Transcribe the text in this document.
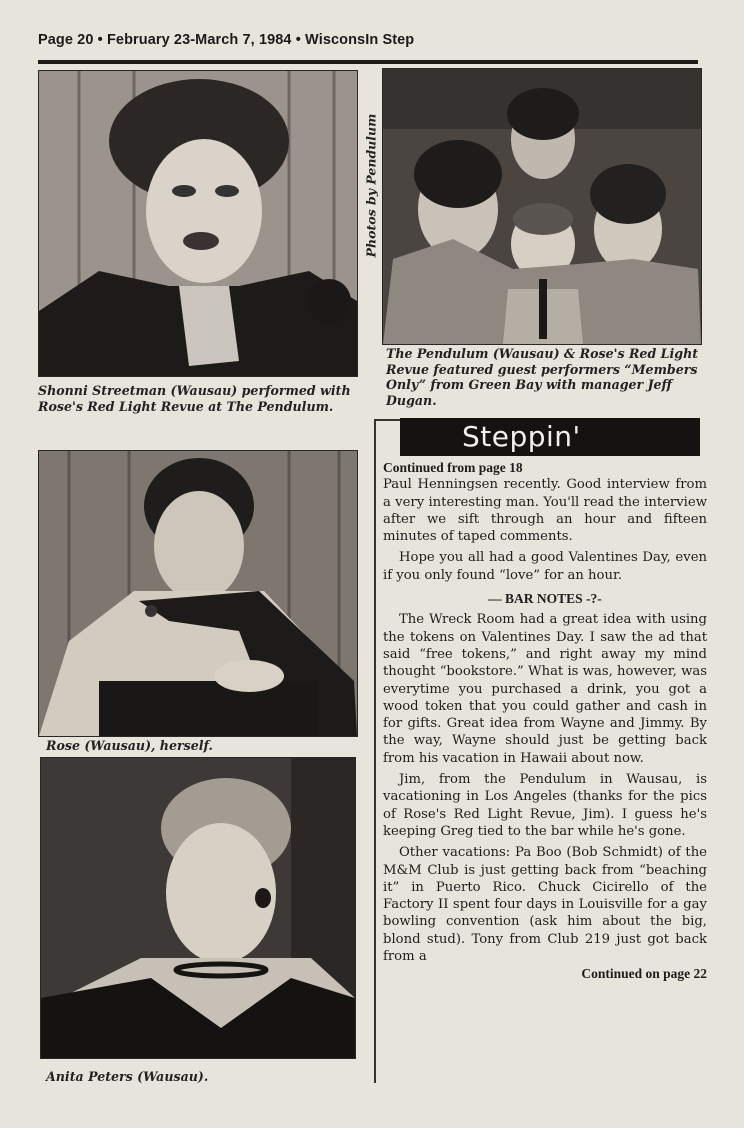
Page 20 • February 23-March 7, 1984 • WisconsIn Step
Photos by Pendulum
Shonni Streetman (Wausau) performed with Rose's Red Light Revue at The Pendulum.
The Pendulum (Wausau) & Rose's Red Light Revue featured guest performers “Members Only” from Green Bay with manager Jeff Dugan.
Rose (Wausau), herself.
Anita Peters (Wausau).
Steppin'
Continued from page 18

Paul Henningsen recently. Good interview from a very interesting man. You'll read the interview after we sift through an hour and fifteen minutes of taped comments.

Hope you all had a good Valentines Day, even if you only found “love” for an hour.

— BAR NOTES -?-

The Wreck Room had a great idea with using the tokens on Valentines Day. I saw the ad that said “free tokens,” and right away my mind thought “bookstore.” What is was, however, was everytime you purchased a drink, you got a wood token that you could gather and cash in for gifts. Great idea from Wayne and Jimmy. By the way, Wayne should just be getting back from his vacation in Hawaii about now.

Jim, from the Pendulum in Wausau, is vacationing in Los Angeles (thanks for the pics of Rose's Red Light Revue, Jim). I guess he's keeping Greg tied to the bar while he's gone.

Other vacations: Pa Boo (Bob Schmidt) of the M&M Club is just getting back from “beaching it” in Puerto Rico. Chuck Cicirello of the Factory II spent four days in Louisville for a gay bowling convention (ask him about the big, blond stud). Tony from Club 219 just got back from a

Continued on page 22
